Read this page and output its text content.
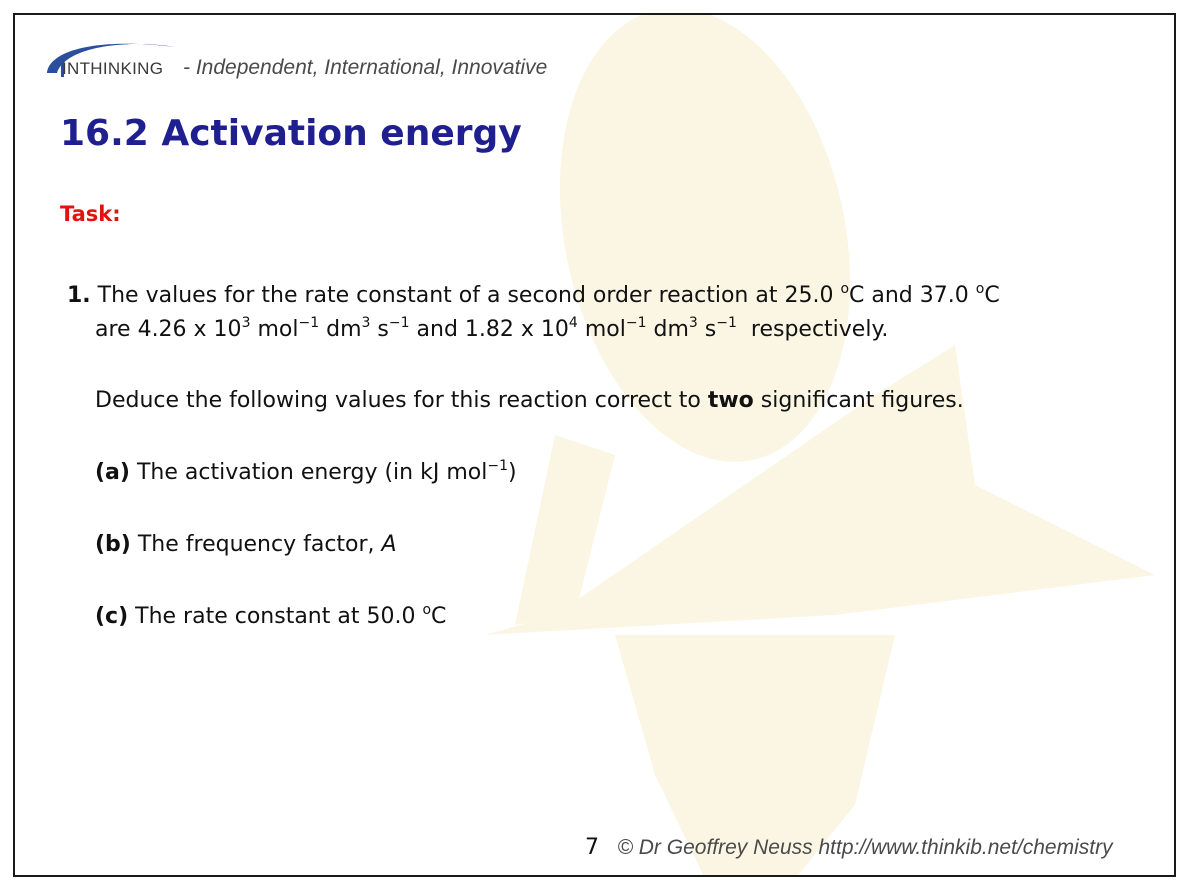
INTHINKING - Independent, International, Innovative
16.2 Activation energy
Task:
1. The values for the rate constant of a second order reaction at 25.0 $^o$C and 37.0 $^o$C
are 4.26 x $10^3$ mol$^{-1}$ $dm^3$ $s^{-1}$ and 1.82 x $10^4$ mol$^{-1}$ $dm^3$ $s^{-1}$  respectively.
Deduce the following values for this reaction correct to two significant figures.
(a) The activation energy (in kJ mol$^{-1}$)
(b) The frequency factor, A
(c) The rate constant at 50.0 $^o$C
7 © Dr Geoffrey Neuss http://www.thinkib.net/chemistry
